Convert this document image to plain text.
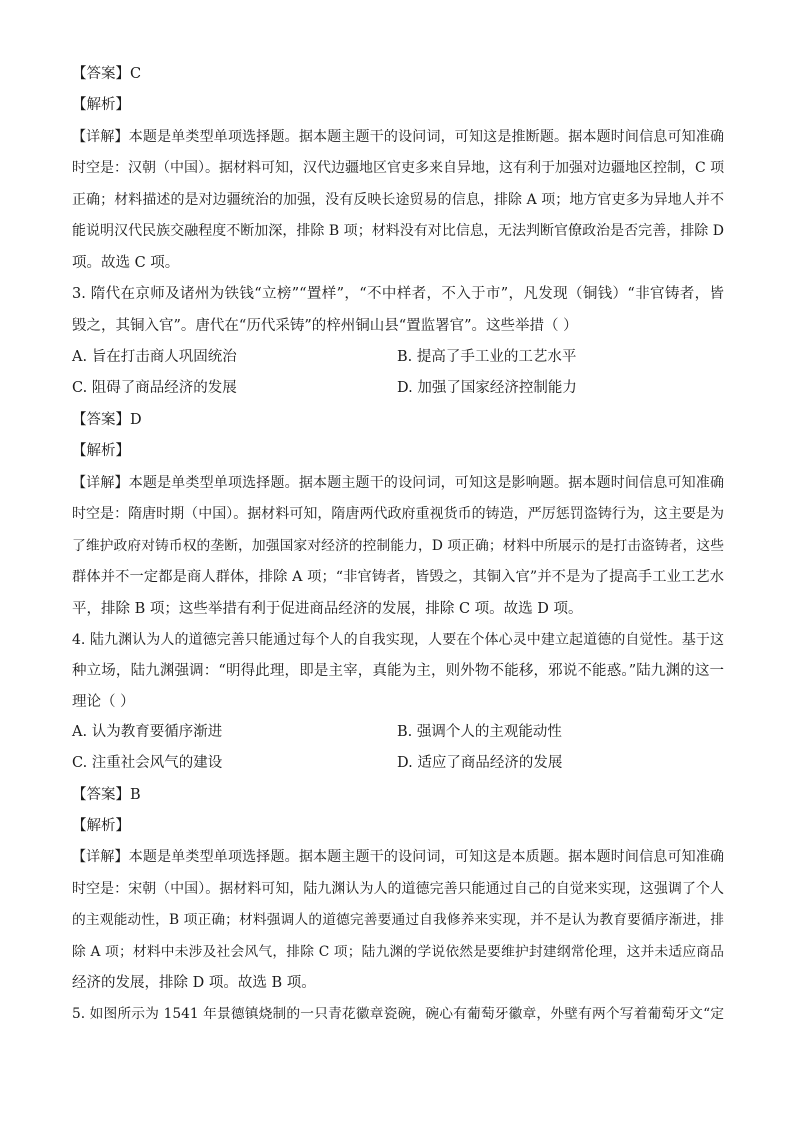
【答案】C
【解析】
【详解】本题是单类型单项选择题。据本题主题干的设问词，可知这是推断题。据本题时间信息可知准确
时空是：汉朝（中国）。据材料可知，汉代边疆地区官吏多来自异地，这有利于加强对边疆地区控制，C 项
正确；材料描述的是对边疆统治的加强，没有反映长途贸易的信息，排除 A 项；地方官吏多为异地人并不
能说明汉代民族交融程度不断加深，排除 B 项；材料没有对比信息，无法判断官僚政治是否完善，排除 D
项。故选 C 项。
3. 隋代在京师及诸州为铁钱“立榜”“置样”，“不中样者，不入于市”，凡发现（铜钱）“非官铸者，皆
毁之，其铜入官”。唐代在“历代采铸”的梓州铜山县“置监署官”。这些举措（ ）
A. 旨在打击商人巩固统治	B. 提高了手工业的工艺水平
C. 阻碍了商品经济的发展	D. 加强了国家经济控制能力
【答案】D
【解析】
【详解】本题是单类型单项选择题。据本题主题干的设问词，可知这是影响题。据本题时间信息可知准确
时空是：隋唐时期（中国）。据材料可知，隋唐两代政府重视货币的铸造，严厉惩罚盗铸行为，这主要是为
了维护政府对铸币权的垄断，加强国家对经济的控制能力，D 项正确；材料中所展示的是打击盗铸者，这些
群体并不一定都是商人群体，排除 A 项；“非官铸者，皆毁之，其铜入官”并不是为了提高手工业工艺水
平，排除 B 项；这些举措有利于促进商品经济的发展，排除 C 项。故选 D 项。
4. 陆九渊认为人的道德完善只能通过每个人的自我实现，人要在个体心灵中建立起道德的自觉性。基于这
种立场，陆九渊强调：“明得此理，即是主宰，真能为主，则外物不能移，邪说不能惑。”陆九渊的这一
理论（ ）
A. 认为教育要循序渐进	B. 强调个人的主观能动性
C. 注重社会风气的建设	D. 适应了商品经济的发展
【答案】B
【解析】
【详解】本题是单类型单项选择题。据本题主题干的设问词，可知这是本质题。据本题时间信息可知准确
时空是：宋朝（中国）。据材料可知，陆九渊认为人的道德完善只能通过自己的自觉来实现，这强调了个人
的主观能动性，B 项正确；材料强调人的道德完善要通过自我修养来实现，并不是认为教育要循序渐进，排
除 A 项；材料中未涉及社会风气，排除 C 项；陆九渊的学说依然是要维护封建纲常伦理，这并未适应商品
经济的发展，排除 D 项。故选 B 项。
5. 如图所示为 1541 年景德镇烧制的一只青花徽章瓷碗，碗心有葡萄牙徽章，外壁有两个写着葡萄牙文“定
